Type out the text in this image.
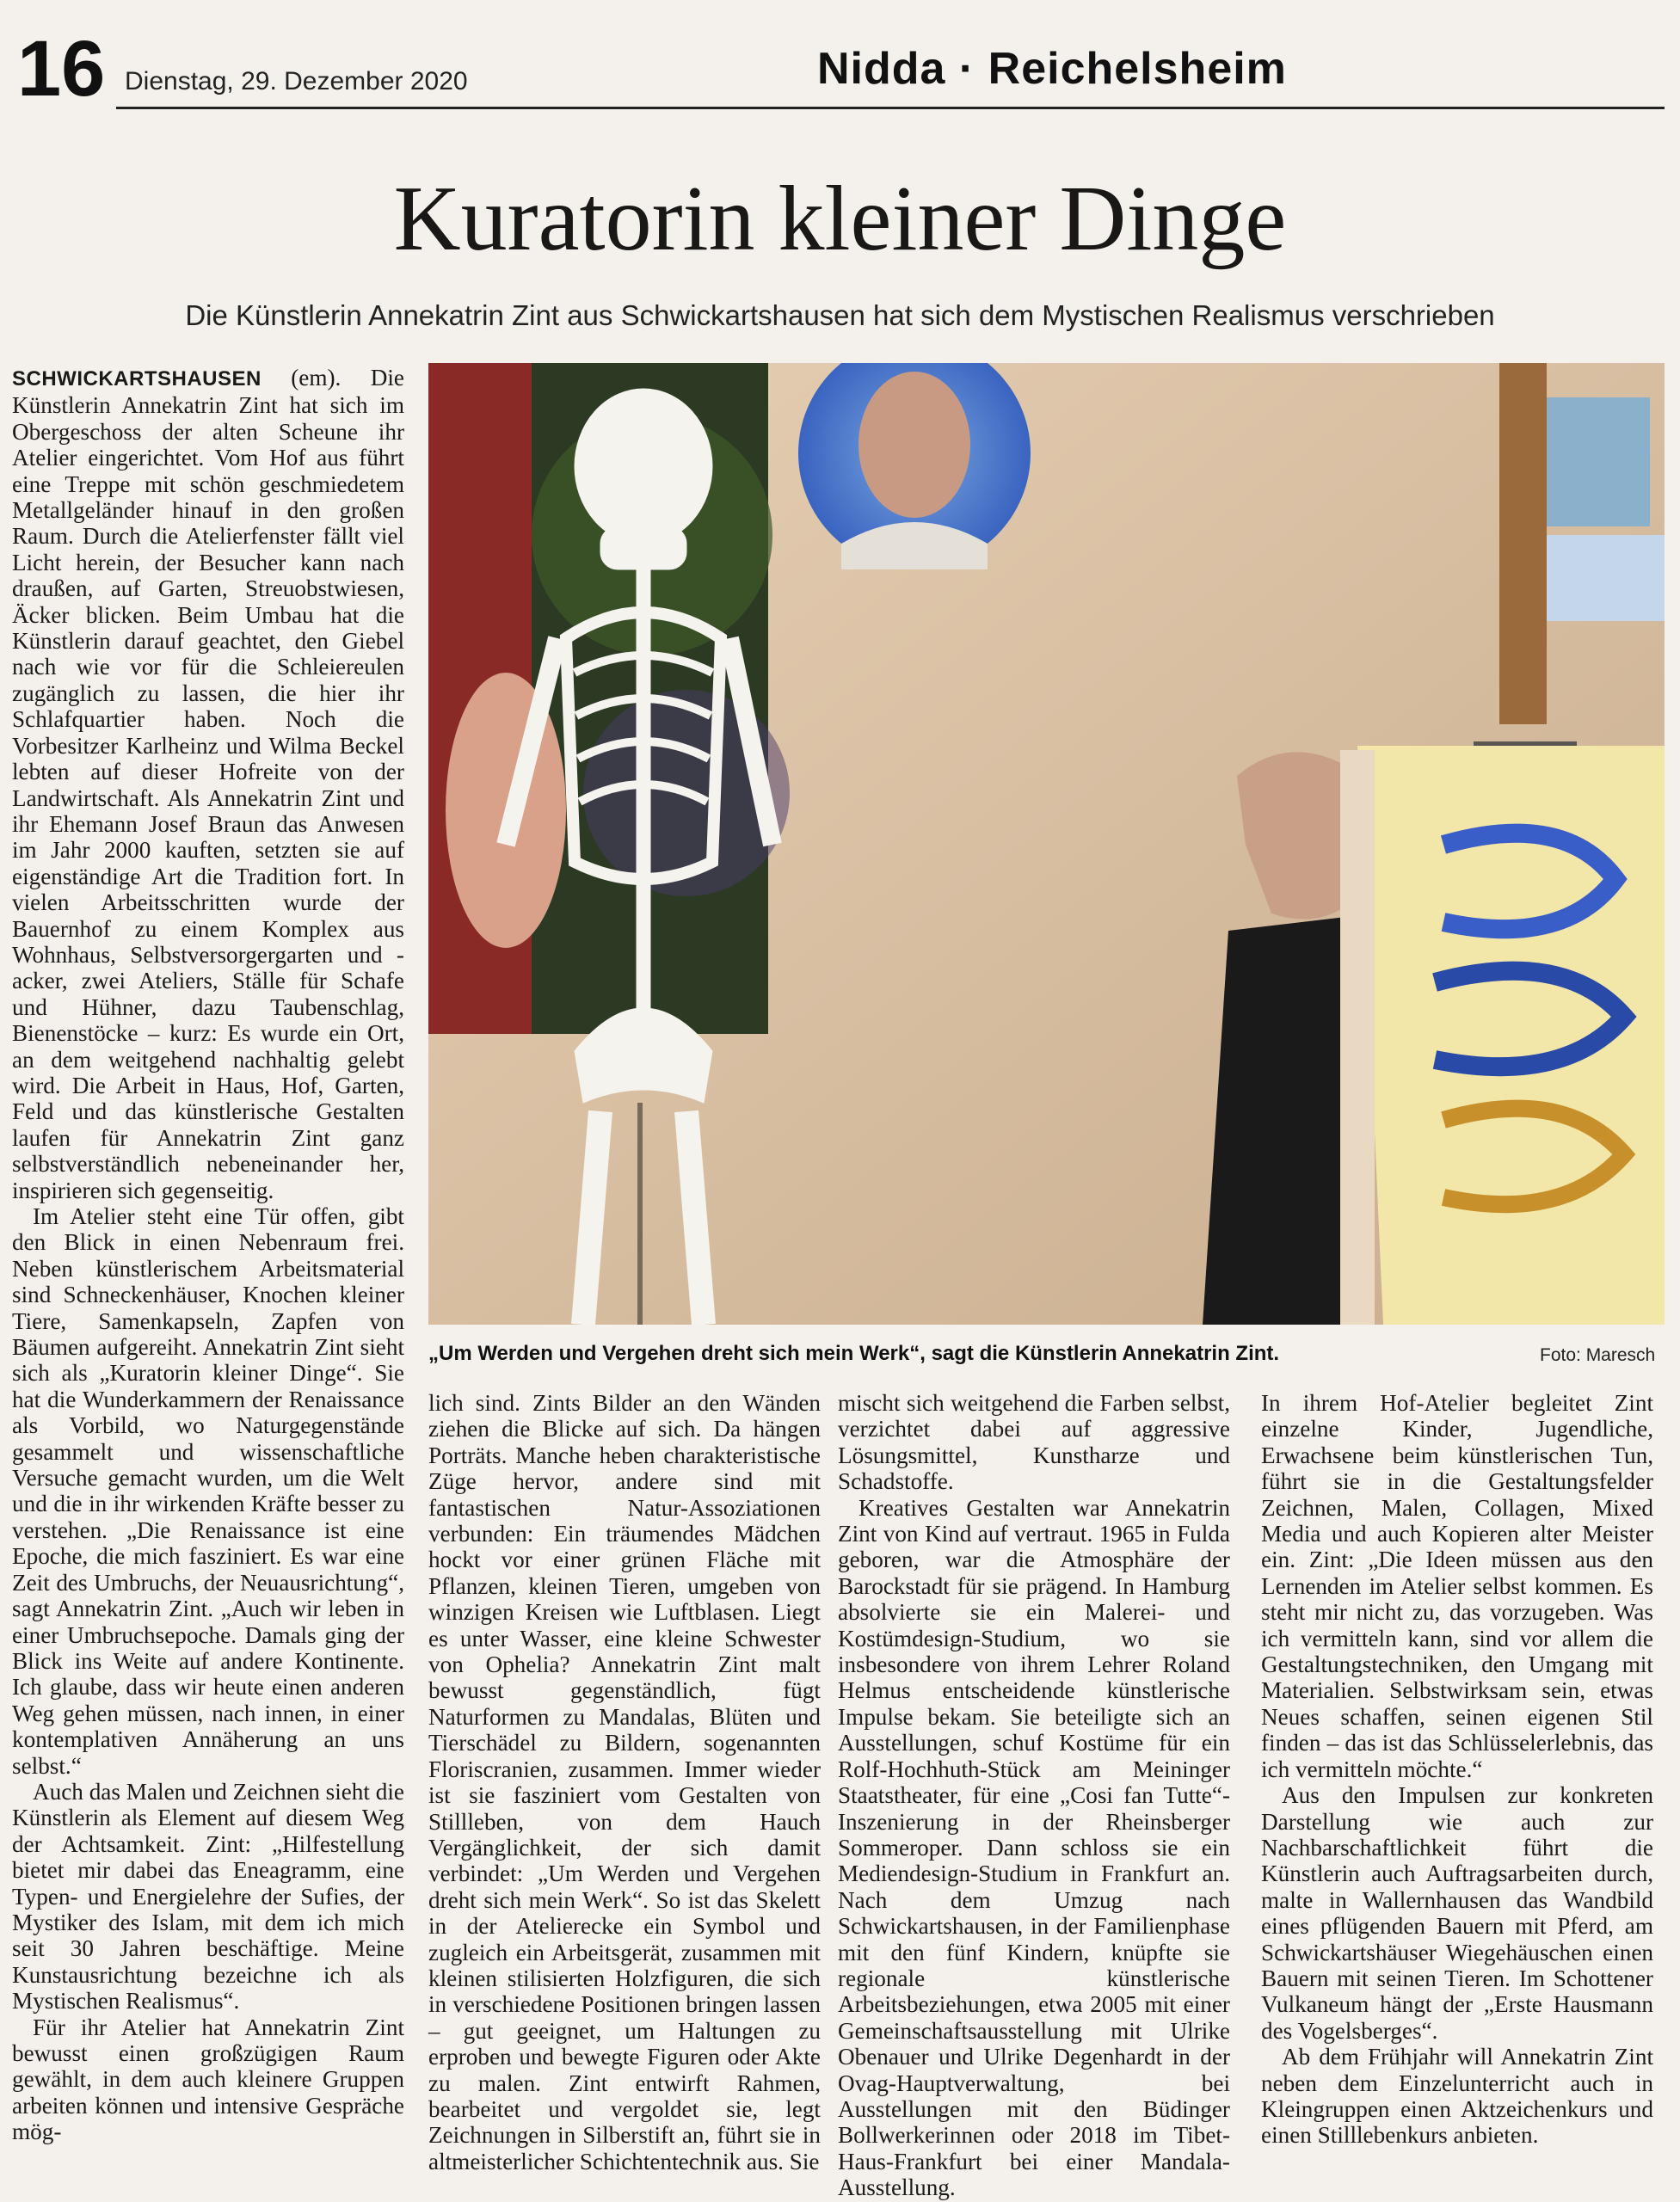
16 Dienstag, 29. Dezember 2020	Nidda · Reichelsheim
Kuratorin kleiner Dinge
Die Künstlerin Annekatrin Zint aus Schwickartshausen hat sich dem Mystischen Realismus verschrieben

SCHWICKARTSHAUSEN (em). Die Künstlerin Annekatrin Zint hat sich im Obergeschoss der alten Scheune ihr Atelier eingerichtet. Vom Hof aus führt eine Treppe mit schön geschmiedetem Metallgeländer hinauf in den großen Raum. Durch die Atelierfenster fällt viel Licht herein, der Besucher kann nach draußen, auf Garten, Streuobstwiesen, Äcker blicken. Beim Umbau hat die Künstlerin darauf geachtet, den Giebel nach wie vor für die Schleiereulen zugänglich zu lassen, die hier ihr Schlafquartier haben. Noch die Vorbesitzer Karlheinz und Wilma Beckel lebten auf dieser Hofreite von der Landwirtschaft. Als Annekatrin Zint und ihr Ehemann Josef Braun das Anwesen im Jahr 2000 kauften, setzten sie auf eigenständige Art die Tradition fort. In vielen Arbeitsschritten wurde der Bauernhof zu einem Komplex aus Wohnhaus, Selbstversorgergarten und -acker, zwei Ateliers, Ställe für Schafe und Hühner, dazu Taubenschlag, Bienenstöcke – kurz: Es wurde ein Ort, an dem weitgehend nachhaltig gelebt wird. Die Arbeit in Haus, Hof, Garten, Feld und das künstlerische Gestalten laufen für Annekatrin Zint ganz selbstverständlich nebeneinander her, inspirieren sich gegenseitig.

Im Atelier steht eine Tür offen, gibt den Blick in einen Nebenraum frei. Neben künstlerischem Arbeitsmaterial sind Schneckenhäuser, Knochen kleiner Tiere, Samenkapseln, Zapfen von Bäumen aufgereiht. Annekatrin Zint sieht sich als „Kuratorin kleiner Dinge“. Sie hat die Wunderkammern der Renaissance als Vorbild, wo Naturgegenstände gesammelt und wissenschaftliche Versuche gemacht wurden, um die Welt und die in ihr wirkenden Kräfte besser zu verstehen. „Die Renaissance ist eine Epoche, die mich fasziniert. Es war eine Zeit des Umbruchs, der Neuausrichtung“, sagt Annekatrin Zint. „Auch wir leben in einer Umbruchsepoche. Damals ging der Blick ins Weite auf andere Kontinente. Ich glaube, dass wir heute einen anderen Weg gehen müssen, nach innen, in einer kontemplativen Annäherung an uns selbst.“

Auch das Malen und Zeichnen sieht die Künstlerin als Element auf diesem Weg der Achtsamkeit. Zint: „Hilfestellung bietet mir dabei das Eneagramm, eine Typen- und Energielehre der Sufies, der Mystiker des Islam, mit dem ich mich seit 30 Jahren beschäftige. Meine Kunstausrichtung bezeichne ich als Mystischen Realismus“.

Für ihr Atelier hat Annekatrin Zint bewusst einen großzügigen Raum gewählt, in dem auch kleinere Gruppen arbeiten können und intensive Gespräche mög-

„Um Werden und Vergehen dreht sich mein Werk“, sagt die Künstlerin Annekatrin Zint.	Foto: Maresch

lich sind. Zints Bilder an den Wänden ziehen die Blicke auf sich. Da hängen Porträts. Manche heben charakteristische Züge hervor, andere sind mit fantastischen Natur-Assoziationen verbunden: Ein träumendes Mädchen hockt vor einer grünen Fläche mit Pflanzen, kleinen Tieren, umgeben von winzigen Kreisen wie Luftblasen. Liegt es unter Wasser, eine kleine Schwester von Ophelia? Annekatrin Zint malt bewusst gegenständlich, fügt Naturformen zu Mandalas, Blüten und Tierschädel zu Bildern, sogenannten Floriscranien, zusammen. Immer wieder ist sie fasziniert vom Gestalten von Stillleben, von dem Hauch Vergänglichkeit, der sich damit verbindet: „Um Werden und Vergehen dreht sich mein Werk“. So ist das Skelett in der Atelierecke ein Symbol und zugleich ein Arbeitsgerät, zusammen mit kleinen stilisierten Holzfiguren, die sich in verschiedene Positionen bringen lassen – gut geeignet, um Haltungen zu erproben und bewegte Figuren oder Akte zu malen. Zint entwirft Rahmen, bearbeitet und vergoldet sie, legt Zeichnungen in Silberstift an, führt sie in altmeisterlicher Schichtentechnik aus. Sie

mischt sich weitgehend die Farben selbst, verzichtet dabei auf aggressive Lösungsmittel, Kunstharze und Schadstoffe.

Kreatives Gestalten war Annekatrin Zint von Kind auf vertraut. 1965 in Fulda geboren, war die Atmosphäre der Barockstadt für sie prägend. In Hamburg absolvierte sie ein Malerei- und Kostümdesign-Studium, wo sie insbesondere von ihrem Lehrer Roland Helmus entscheidende künstlerische Impulse bekam. Sie beteiligte sich an Ausstellungen, schuf Kostüme für ein Rolf-Hochhuth-Stück am Meininger Staatstheater, für eine „Cosi fan Tutte“-Inszenierung in der Rheinsberger Sommeroper. Dann schloss sie ein Mediendesign-Studium in Frankfurt an. Nach dem Umzug nach Schwickartshausen, in der Familienphase mit den fünf Kindern, knüpfte sie regionale künstlerische Arbeitsbeziehungen, etwa 2005 mit einer Gemeinschaftsausstellung mit Ulrike Obenauer und Ulrike Degenhardt in der Ovag-Hauptverwaltung, bei Ausstellungen mit den Büdinger Bollwerkerinnen oder 2018 im Tibet-Haus-Frankfurt bei einer Mandala-Ausstellung.

In ihrem Hof-Atelier begleitet Zint einzelne Kinder, Jugendliche, Erwachsene beim künstlerischen Tun, führt sie in die Gestaltungsfelder Zeichnen, Malen, Collagen, Mixed Media und auch Kopieren alter Meister ein. Zint: „Die Ideen müssen aus den Lernenden im Atelier selbst kommen. Es steht mir nicht zu, das vorzugeben. Was ich vermitteln kann, sind vor allem die Gestaltungstechniken, den Umgang mit Materialien. Selbstwirksam sein, etwas Neues schaffen, seinen eigenen Stil finden – das ist das Schlüsselerlebnis, das ich vermitteln möchte.“

Aus den Impulsen zur konkreten Darstellung wie auch zur Nachbarschaftlichkeit führt die Künstlerin auch Auftragsarbeiten durch, malte in Wallernhausen das Wandbild eines pflügenden Bauern mit Pferd, am Schwickartshäuser Wiegehäuschen einen Bauern mit seinen Tieren. Im Schottener Vulkaneum hängt der „Erste Hausmann des Vogelsberges“.

Ab dem Frühjahr will Annekatrin Zint neben dem Einzelunterricht auch in Kleingruppen einen Aktzeichenkurs und einen Stilllebenkurs anbieten.
